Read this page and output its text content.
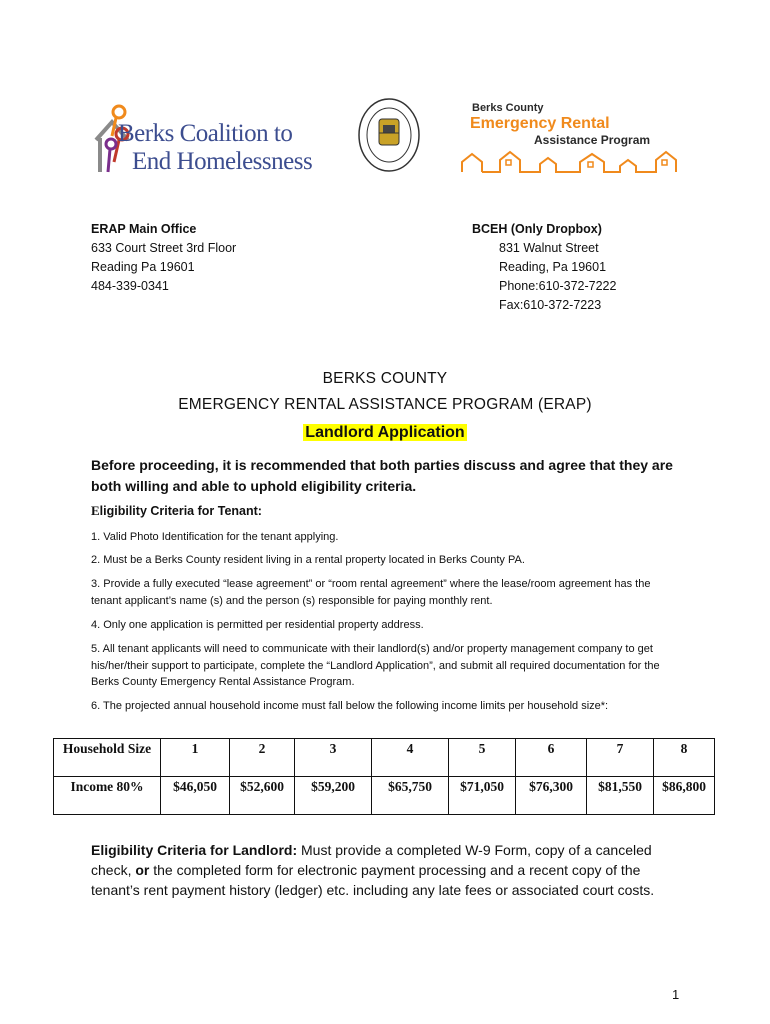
Berks Coalition to
End Homelessness
Berks County
Emergency Rental
Assistance Program
ERAP Main Office
633 Court Street 3rd Floor
Reading Pa 19601
484-339-0341
BCEH (Only Dropbox)
831 Walnut Street
Reading, Pa 19601
Phone:610-372-7222
Fax:610-372-7223
BERKS COUNTY
EMERGENCY RENTAL ASSISTANCE PROGRAM (ERAP)
Landlord Application
Before proceeding, it is recommended that both parties discuss and agree that they are both willing and able to uphold eligibility criteria.
Eligibility Criteria for Tenant:
1. Valid Photo Identification for the tenant applying.
2. Must be a Berks County resident living in a rental property located in Berks County PA.
3. Provide a fully executed “lease agreement” or “room rental agreement” where the lease/room agreement has the tenant applicant’s name (s) and the person (s) responsible for paying monthly rent.
4. Only one application is permitted per residential property address.
5. All tenant applicants will need to communicate with their landlord(s) and/or property management company to get his/her/their support to participate, complete the “Landlord Application”, and submit all required documentation for the Berks County Emergency Rental Assistance Program.
6. The projected annual household income must fall below the following income limits per household size*:
Household Size	1	2	3	4	5	6	7	8
Income 80%	$46,050	$52,600	$59,200	$65,750	$71,050	$76,300	$81,550	$86,800
Eligibility Criteria for Landlord: Must provide a completed W-9 Form, copy of a canceled check, or the completed form for electronic payment processing and a recent copy of the tenant’s rent payment history (ledger) etc. including any late fees or associated court costs.
1
